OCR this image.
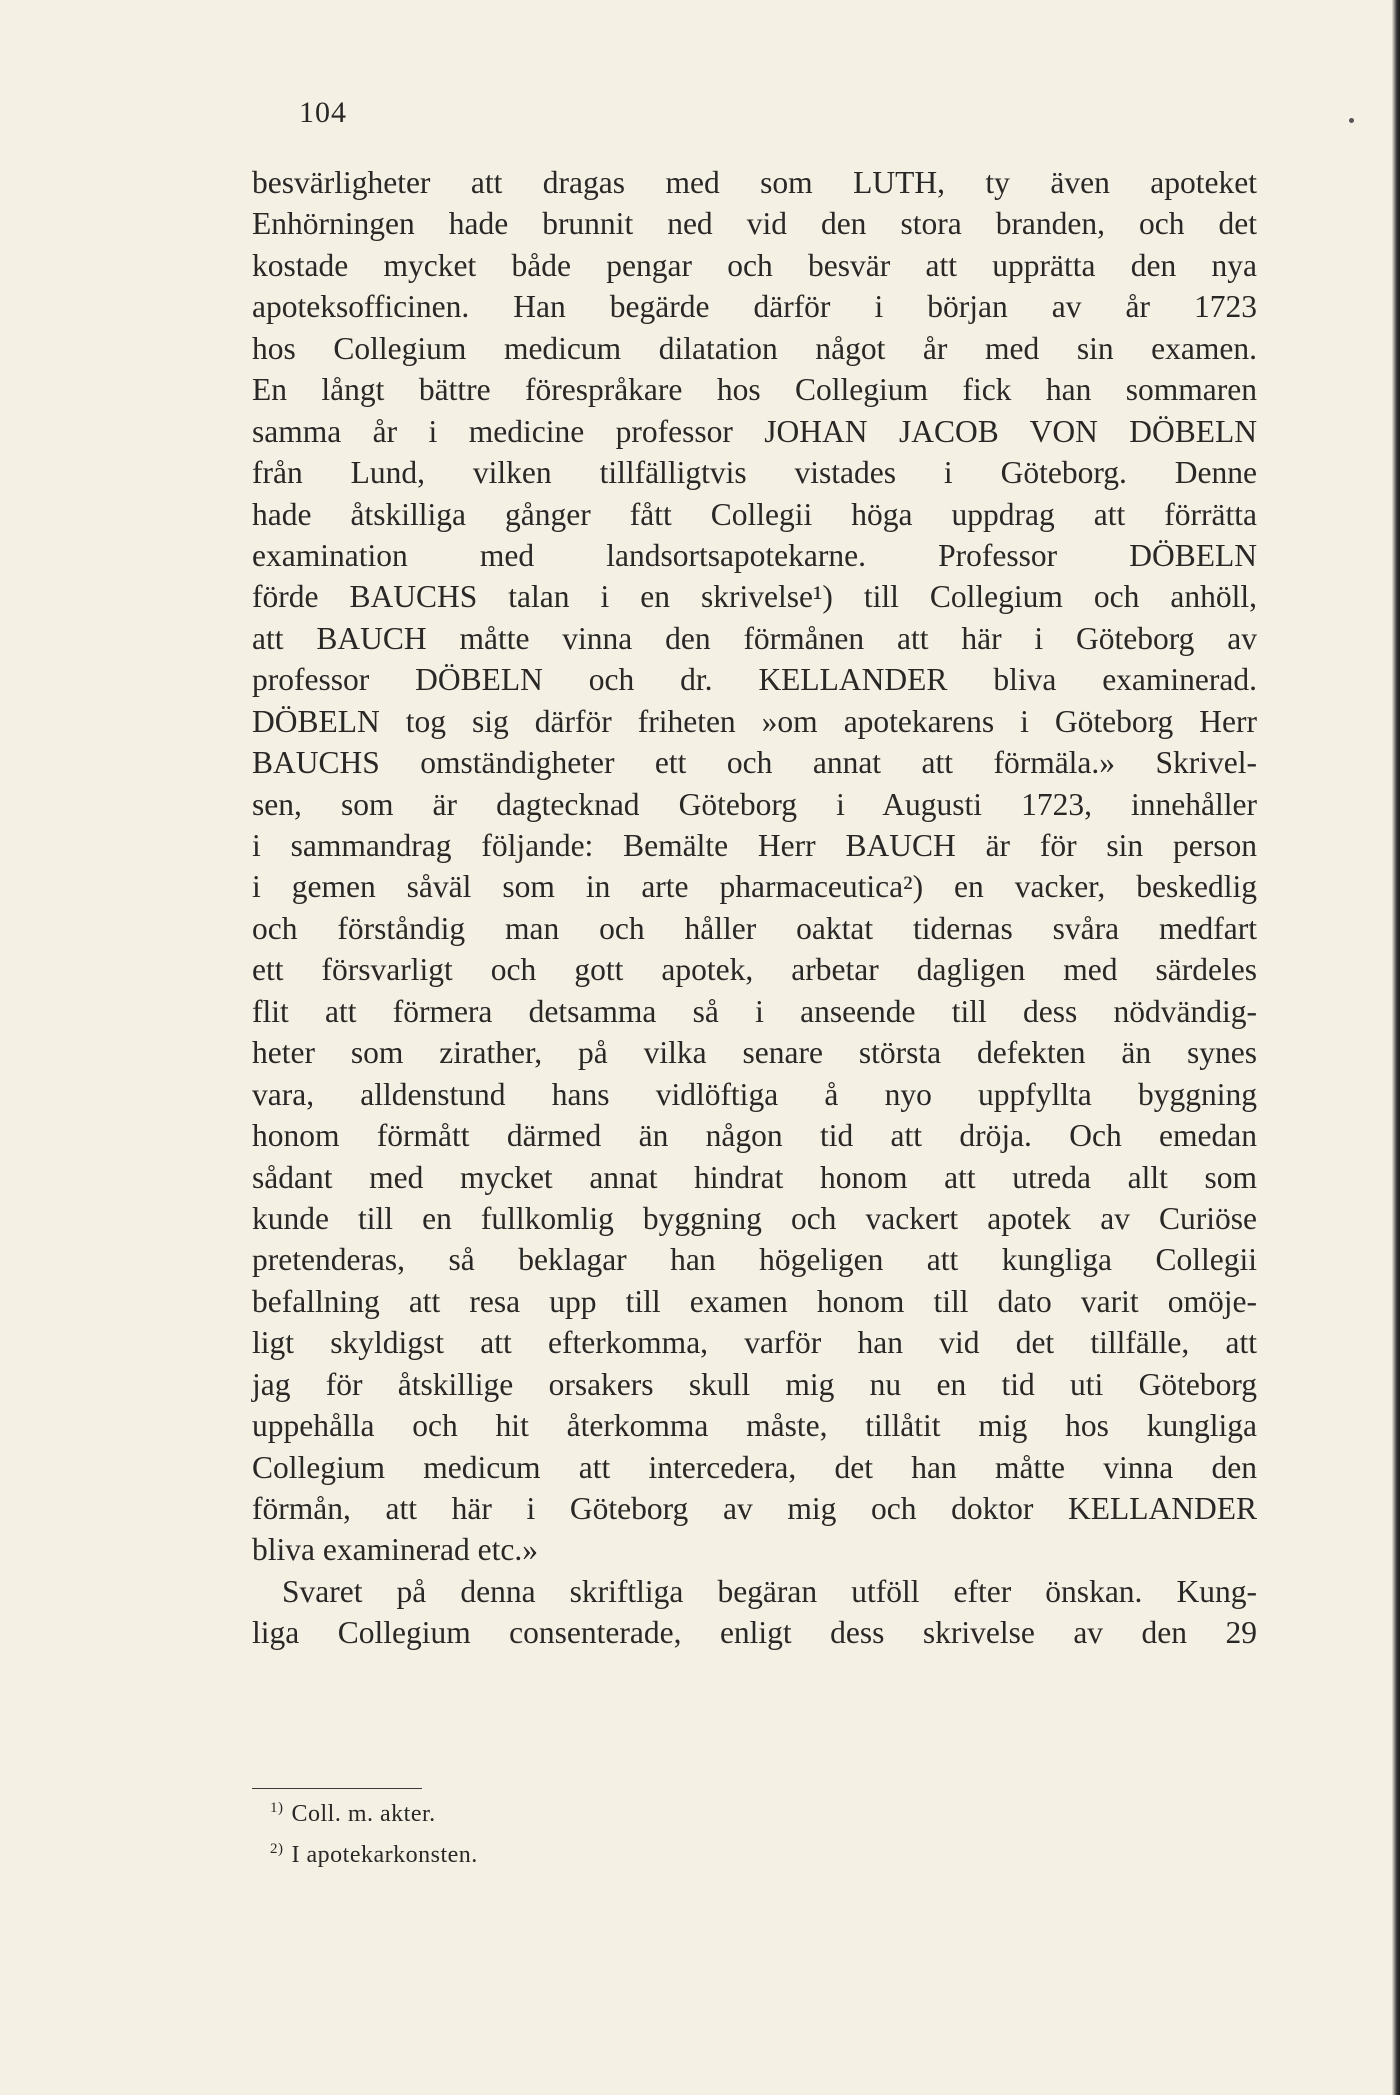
104
besvärligheter att dragas med som LUTH, ty även apoteket
Enhörningen hade brunnit ned vid den stora branden, och det
kostade mycket både pengar och besvär att upprätta den nya
apoteksofficinen. Han begärde därför i början av år 1723
hos Collegium medicum dilatation något år med sin examen.
En långt bättre förespråkare hos Collegium fick han sommaren
samma år i medicine professor JOHAN JACOB VON DÖBELN
från Lund, vilken tillfälligtvis vistades i Göteborg. Denne
hade åtskilliga gånger fått Collegii höga uppdrag att förrätta
examination med landsortsapotekarne. Professor DÖBELN
förde BAUCHS talan i en skrivelse¹) till Collegium och anhöll,
att BAUCH måtte vinna den förmånen att här i Göteborg av
professor DÖBELN och dr. KELLANDER bliva examinerad.
DÖBELN tog sig därför friheten »om apotekarens i Göteborg Herr
BAUCHS omständigheter ett och annat att förmäla.» Skrivel-
sen, som är dagtecknad Göteborg i Augusti 1723, innehåller
i sammandrag följande: Bemälte Herr BAUCH är för sin person
i gemen såväl som in arte pharmaceutica²) en vacker, beskedlig
och förståndig man och håller oaktat tidernas svåra medfart
ett försvarligt och gott apotek, arbetar dagligen med särdeles
flit att förmera detsamma så i anseende till dess nödvändig-
heter som zirather, på vilka senare största defekten än synes
vara, alldenstund hans vidlöftiga å nyo uppfyllta byggning
honom förmått därmed än någon tid att dröja. Och emedan
sådant med mycket annat hindrat honom att utreda allt som
kunde till en fullkomlig byggning och vackert apotek av Curiöse
pretenderas, så beklagar han högeligen att kungliga Collegii
befallning att resa upp till examen honom till dato varit omöje-
ligt skyldigst att efterkomma, varför han vid det tillfälle, att
jag för åtskillige orsakers skull mig nu en tid uti Göteborg
uppehålla och hit återkomma måste, tillåtit mig hos kungliga
Collegium medicum att intercedera, det han måtte vinna den
förmån, att här i Göteborg av mig och doktor KELLANDER
bliva examinerad etc.»
Svaret på denna skriftliga begäran utföll efter önskan. Kung-
liga Collegium consenterade, enligt dess skrivelse av den 29
$^{1)}$ Coll. m. akter.
$^{2)}$ I apotekarkonsten.
